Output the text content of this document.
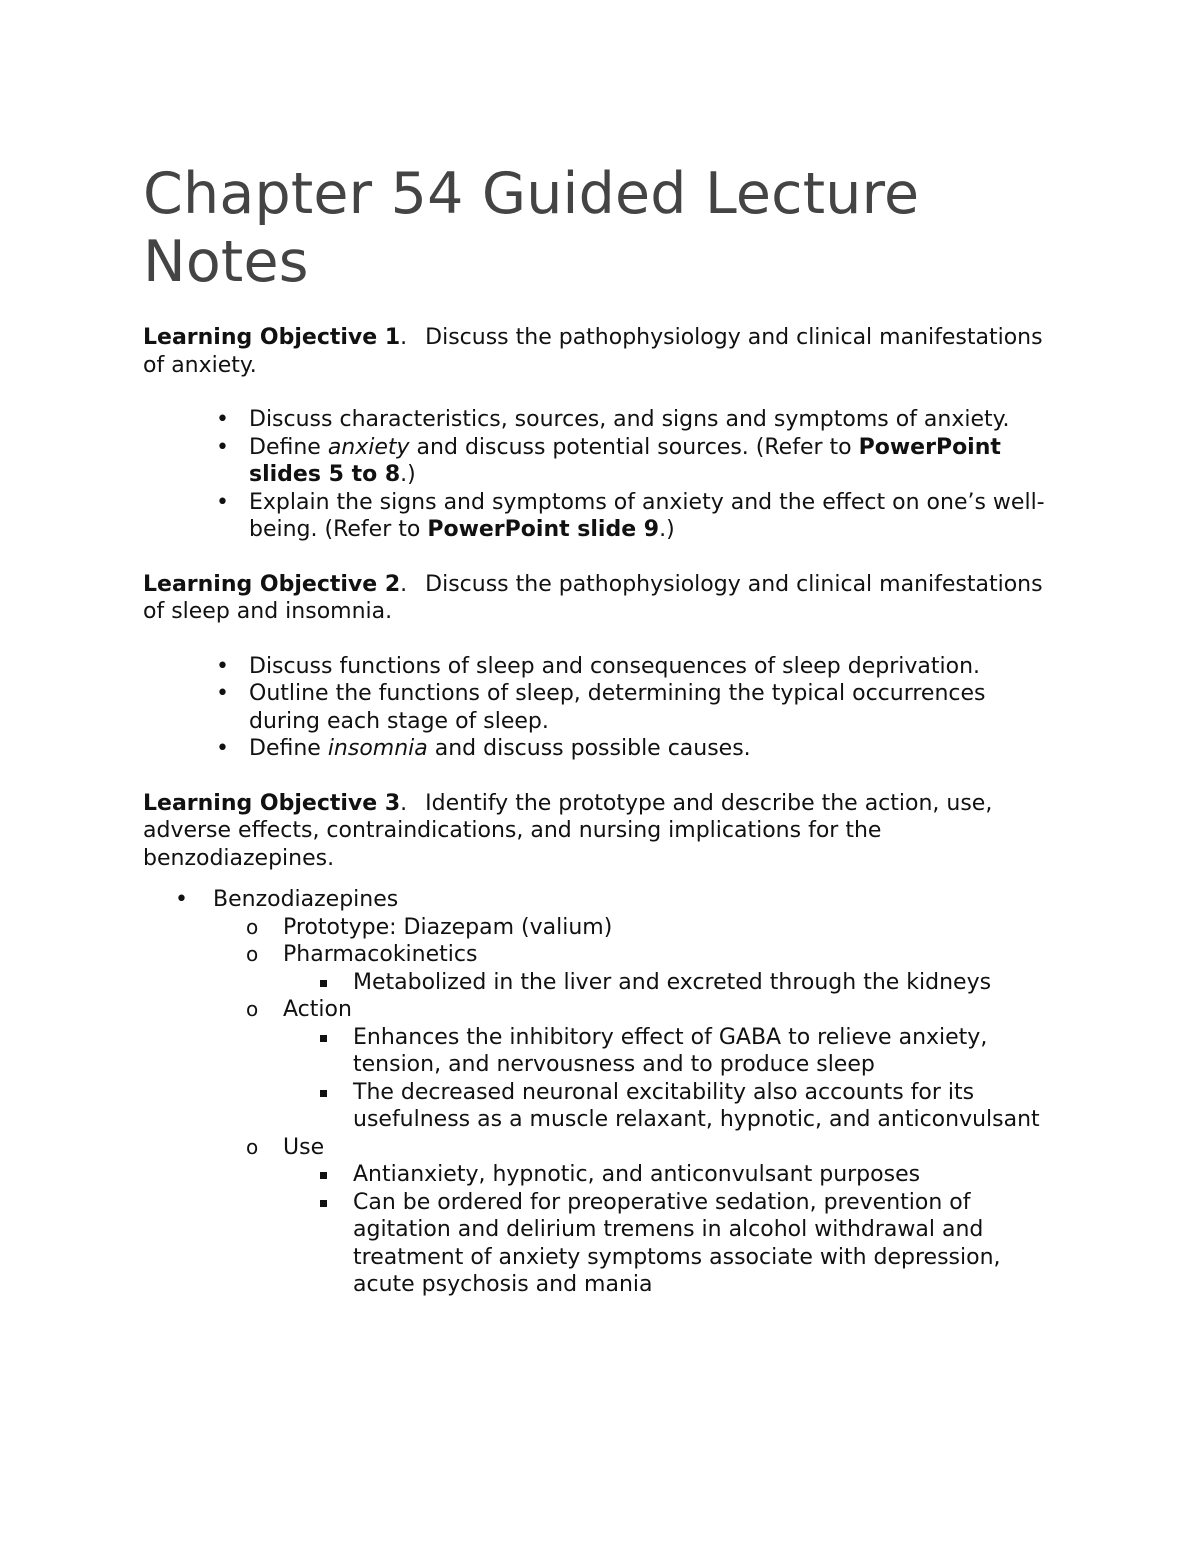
Chapter 54 Guided Lecture Notes

Learning Objective 1. Discuss the pathophysiology and clinical manifestations of anxiety.

• Discuss characteristics, sources, and signs and symptoms of anxiety.
• Define anxiety and discuss potential sources. (Refer to PowerPoint slides 5 to 8.)
• Explain the signs and symptoms of anxiety and the effect on one’s well-being. (Refer to PowerPoint slide 9.)

Learning Objective 2. Discuss the pathophysiology and clinical manifestations of sleep and insomnia.

• Discuss functions of sleep and consequences of sleep deprivation.
• Outline the functions of sleep, determining the typical occurrences during each stage of sleep.
• Define insomnia and discuss possible causes.

Learning Objective 3. Identify the prototype and describe the action, use, adverse effects, contraindications, and nursing implications for the benzodiazepines.

• Benzodiazepines
o Prototype: Diazepam (valium)
o Pharmacokinetics
Metabolized in the liver and excreted through the kidneys
o Action
Enhances the inhibitory effect of GABA to relieve anxiety, tension, and nervousness and to produce sleep
The decreased neuronal excitability also accounts for its usefulness as a muscle relaxant, hypnotic, and anticonvulsant
o Use
Antianxiety, hypnotic, and anticonvulsant purposes
Can be ordered for preoperative sedation, prevention of agitation and delirium tremens in alcohol withdrawal and treatment of anxiety symptoms associate with depression, acute psychosis and mania
